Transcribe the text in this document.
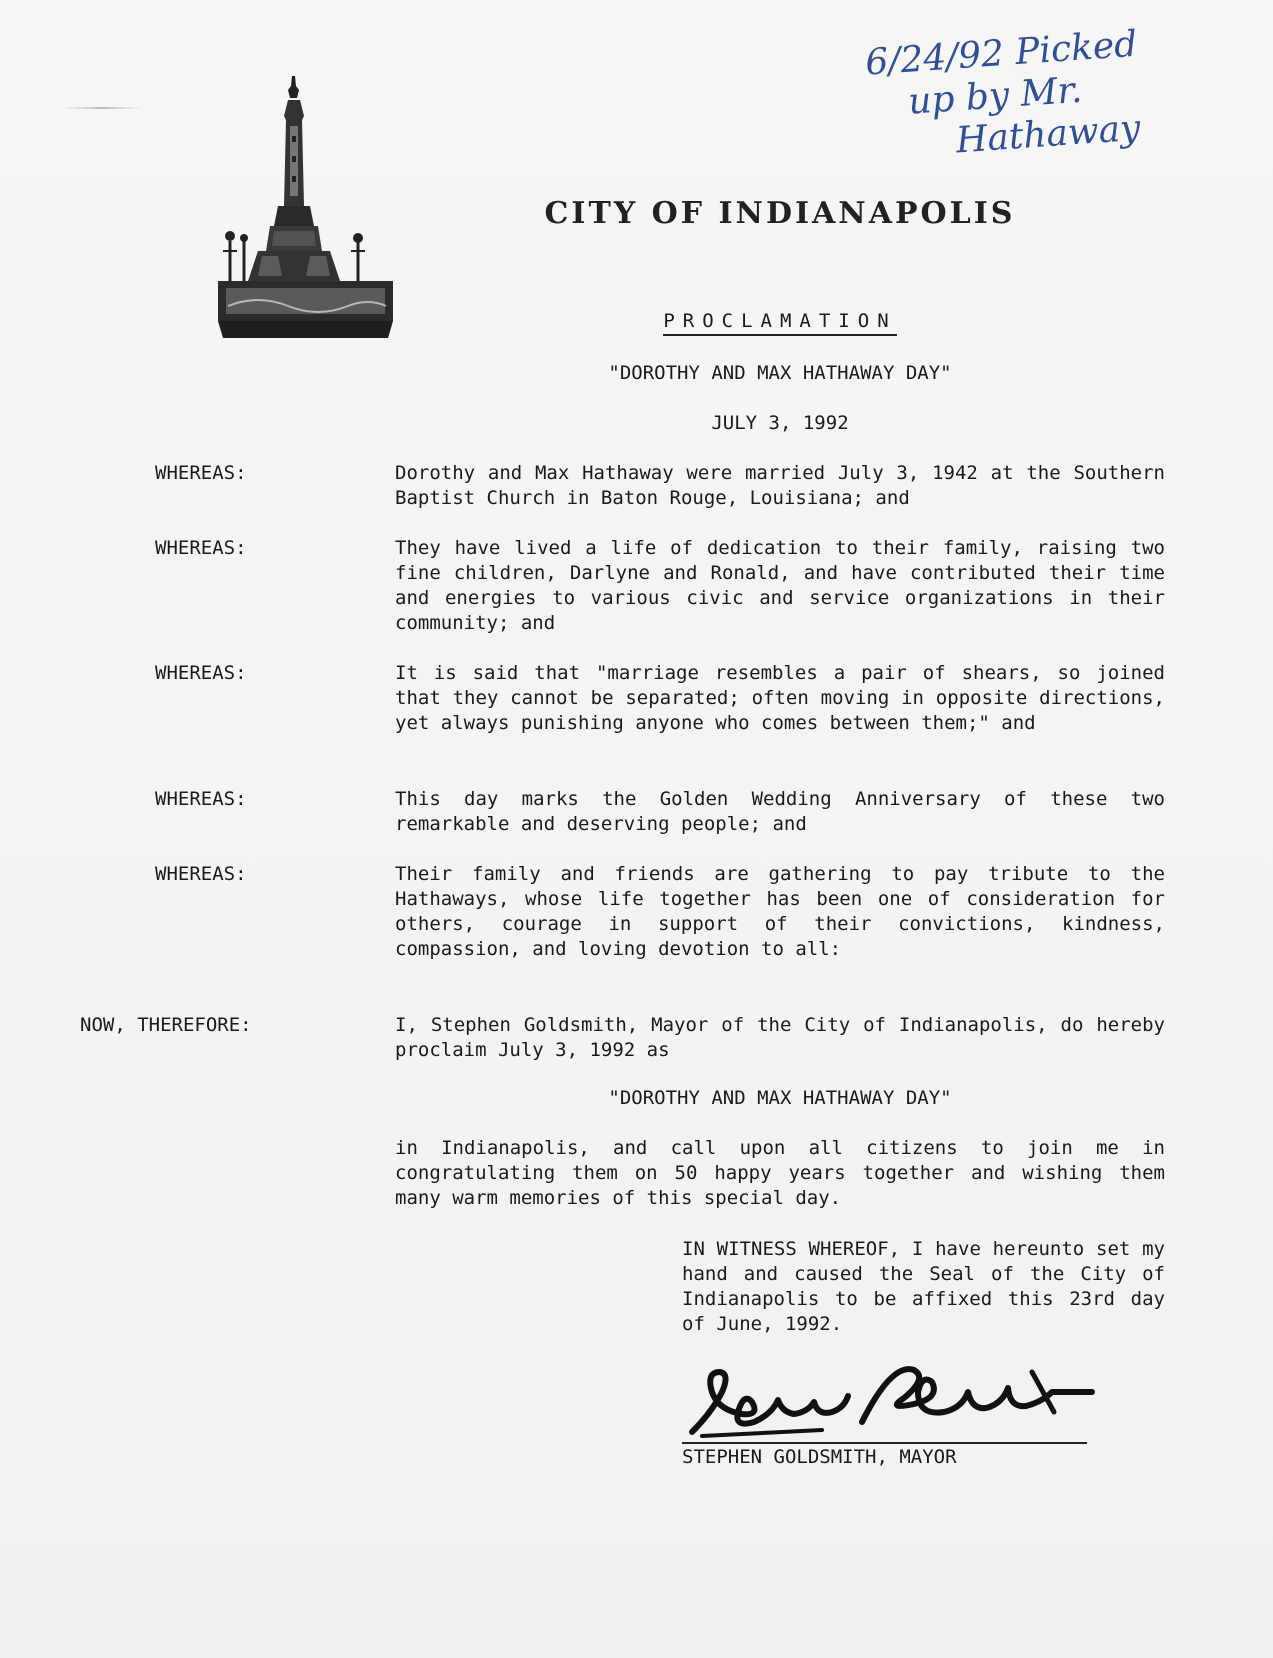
6/24/92 Picked
up by Mr.
Hathaway
CITY OF INDIANAPOLIS
PROCLAMATION
"DOROTHY AND MAX HATHAWAY DAY"
JULY 3, 1992
WHEREAS:	Dorothy and Max Hathaway were married July 3, 1942 at the Southern Baptist Church in Baton Rouge, Louisiana; and
WHEREAS:	They have lived a life of dedication to their family, raising two fine children, Darlyne and Ronald, and have contributed their time and energies to various civic and service organizations in their community; and
WHEREAS:	It is said that "marriage resembles a pair of shears, so joined that they cannot be separated; often moving in opposite directions, yet always punishing anyone who comes between them;" and
WHEREAS:	This day marks the Golden Wedding Anniversary of these two remarkable and deserving people; and
WHEREAS:	Their family and friends are gathering to pay tribute to the Hathaways, whose life together has been one of consideration for others, courage in support of their convictions, kindness, compassion, and loving devotion to all:
NOW, THEREFORE:	I, Stephen Goldsmith, Mayor of the City of Indianapolis, do hereby proclaim July 3, 1992 as
"DOROTHY AND MAX HATHAWAY DAY"
in Indianapolis, and call upon all citizens to join me in congratulating them on 50 happy years together and wishing them many warm memories of this special day.
IN WITNESS WHEREOF, I have hereunto set my hand and caused the Seal of the City of Indianapolis to be affixed this 23rd day of June, 1992.
STEPHEN GOLDSMITH, MAYOR
